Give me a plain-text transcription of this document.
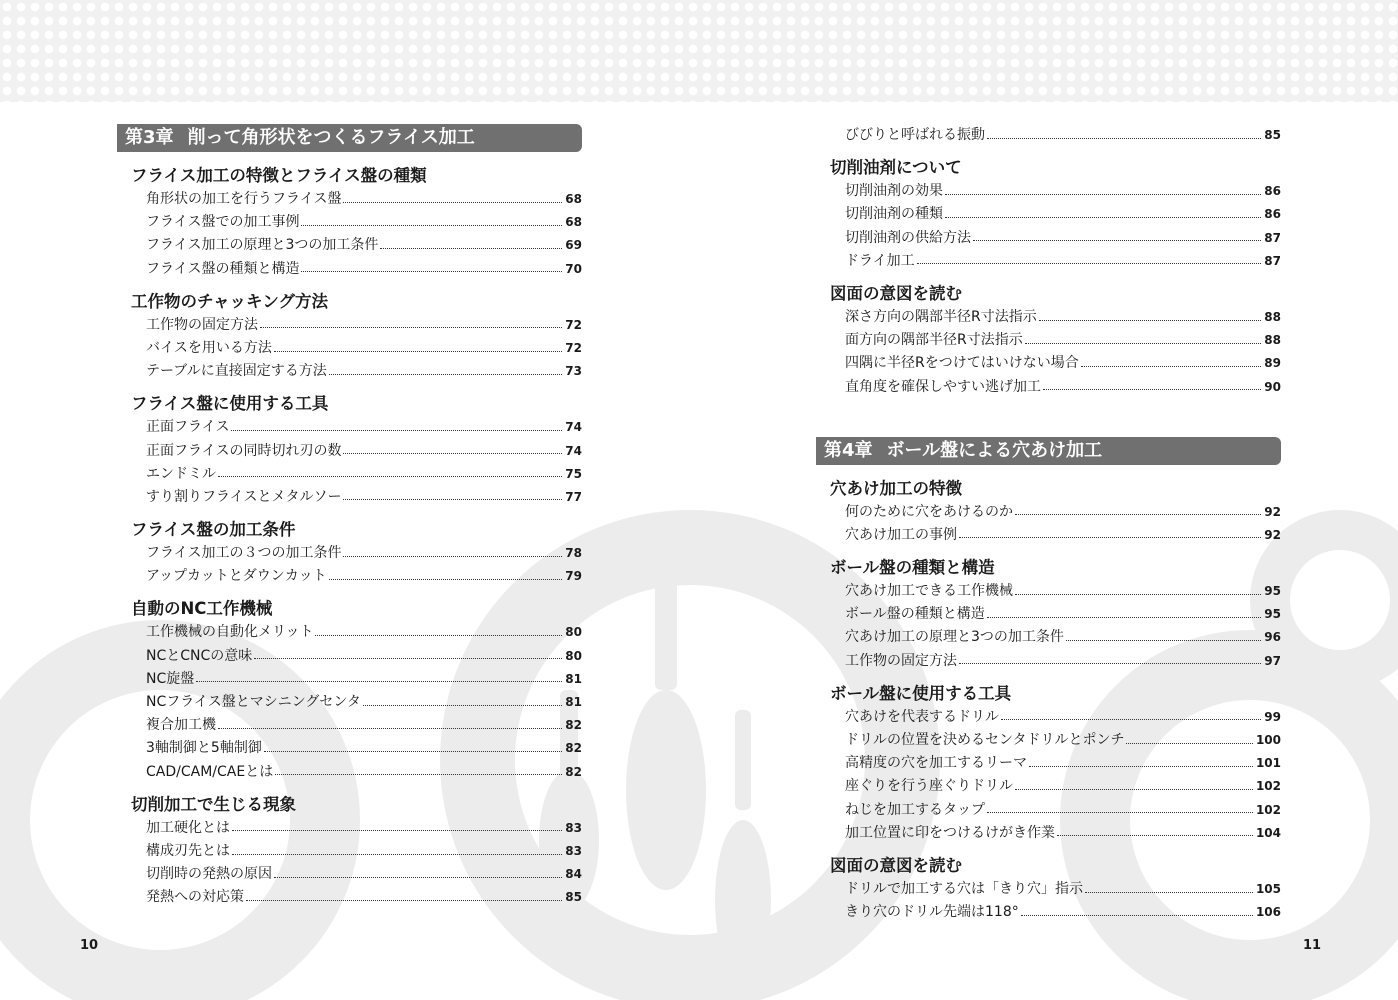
第3章 削って角形状をつくるフライス加工
フライス加工の特徴とフライス盤の種類
角形状の加工を行うフライス盤	68
フライス盤での加工事例	68
フライス加工の原理と3つの加工条件	69
フライス盤の種類と構造	70
工作物のチャッキング方法
工作物の固定方法	72
バイスを用いる方法	72
テーブルに直接固定する方法	73
フライス盤に使用する工具
正面フライス	74
正面フライスの同時切れ刃の数	74
エンドミル	75
すり割りフライスとメタルソー	77
フライス盤の加工条件
フライス加工の３つの加工条件	78
アップカットとダウンカット	79
自動のNC工作機械
工作機械の自動化メリット	80
NCとCNCの意味	80
NC旋盤	81
NCフライス盤とマシニングセンタ	81
複合加工機	82
3軸制御と5軸制御	82
CAD/CAM/CAEとは	82
切削加工で生じる現象
加工硬化とは	83
構成刃先とは	83
切削時の発熱の原因	84
発熱への対応策	85
10
びびりと呼ばれる振動	85
切削油剤について
切削油剤の効果	86
切削油剤の種類	86
切削油剤の供給方法	87
ドライ加工	87
図面の意図を読む
深さ方向の隅部半径R寸法指示	88
面方向の隅部半径R寸法指示	88
四隅に半径Rをつけてはいけない場合	89
直角度を確保しやすい逃げ加工	90
第4章 ボール盤による穴あけ加工
穴あけ加工の特徴
何のために穴をあけるのか	92
穴あけ加工の事例	92
ボール盤の種類と構造
穴あけ加工できる工作機械	95
ボール盤の種類と構造	95
穴あけ加工の原理と3つの加工条件	96
工作物の固定方法	97
ボール盤に使用する工具
穴あけを代表するドリル	99
ドリルの位置を決めるセンタドリルとポンチ	100
高精度の穴を加工するリーマ	101
座ぐりを行う座ぐりドリル	102
ねじを加工するタップ	102
加工位置に印をつけるけがき作業	104
図面の意図を読む
ドリルで加工する穴は「きり穴」指示	105
きり穴のドリル先端は118°	106
11
